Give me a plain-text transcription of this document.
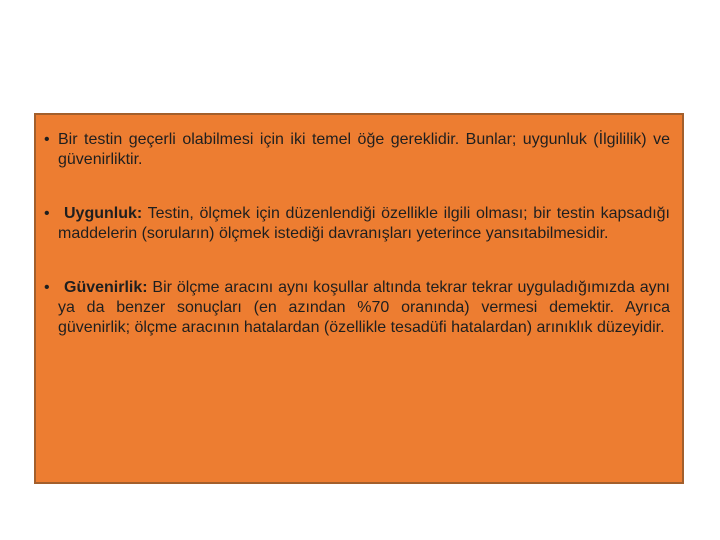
• Bir testin geçerli olabilmesi için iki temel öğe gereklidir. Bunlar; uygunluk (İlgililik) ve güvenirliktir.
• Uygunluk: Testin, ölçmek için düzenlendiği özellikle ilgili olması; bir testin kapsadığı maddelerin (soruların) ölçmek istediği davranışları yeterince yansıtabilmesidir.
• Güvenirlik: Bir ölçme aracını aynı koşullar altında tekrar tekrar uyguladığımızda aynı ya da benzer sonuçları (en azından %70 oranında) vermesi demektir. Ayrıca güvenirlik; ölçme aracının hatalardan (özellikle tesadüfi hatalardan) arınıklık düzeyidir.
